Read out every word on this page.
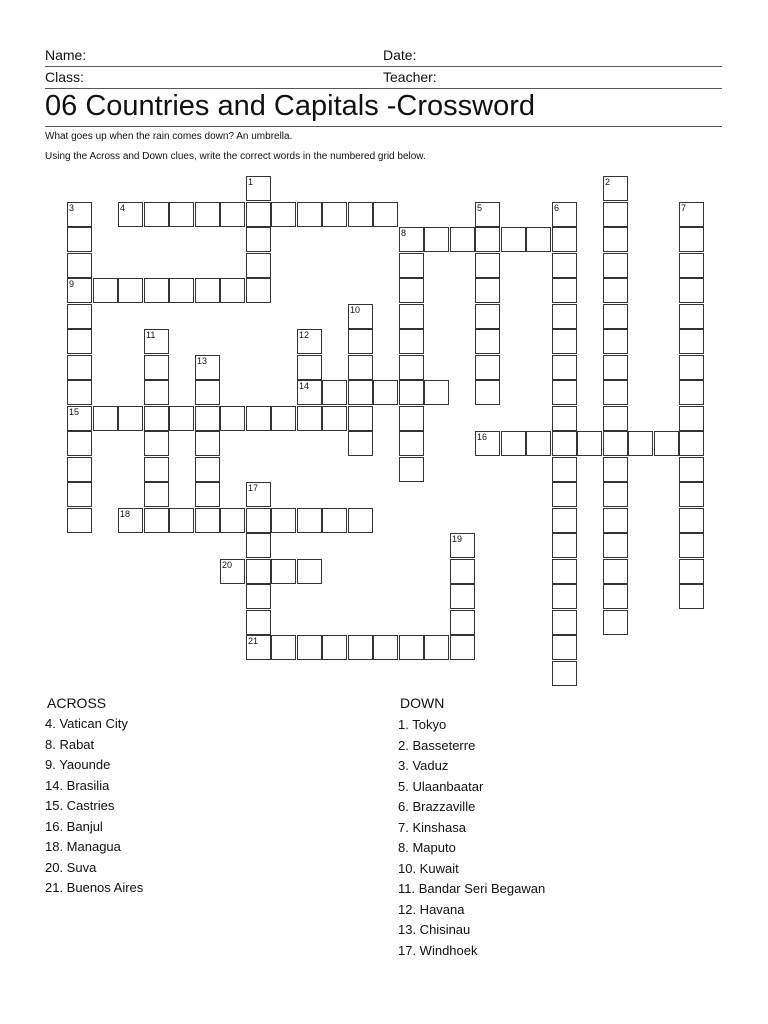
Name:	Date:
Class:	Teacher:
06 Countries and Capitals -Crossword
What goes up when the rain comes down? An umbrella.
Using the Across and Down clues, write the correct words in the numbered grid below.
4
8
9
14
15
16
18
20
21
1	2
3	5	6	7
10
11	12
13
17
19
ACROSS
4. Vatican City
8. Rabat
9. Yaounde
14. Brasilia
15. Castries
16. Banjul
18. Managua
20. Suva
21. Buenos Aires
DOWN
1. Tokyo
2. Basseterre
3. Vaduz
5. Ulaanbaatar
6. Brazzaville
7. Kinshasa
8. Maputo
10. Kuwait
11. Bandar Seri Begawan
12. Havana
13. Chisinau
17. Windhoek
